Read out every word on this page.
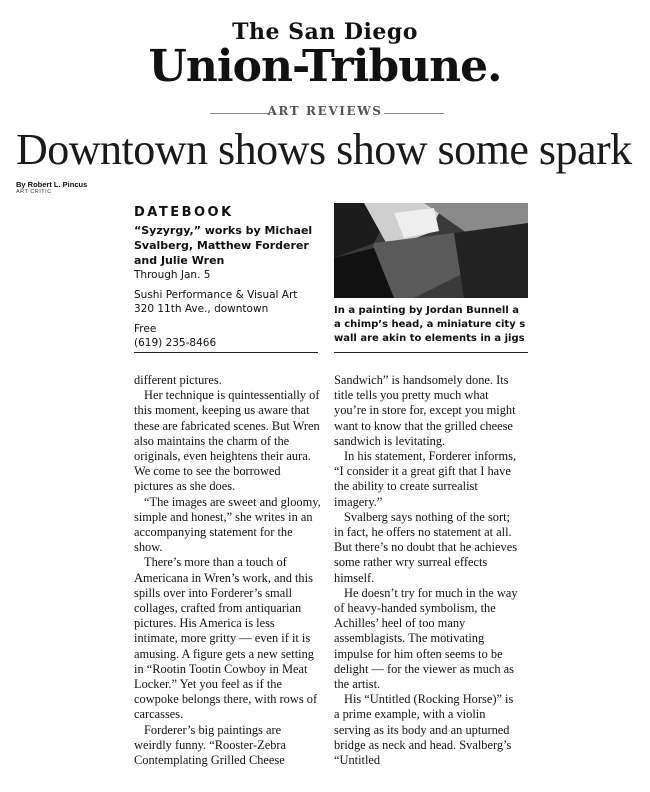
The San Diego
Union-Tribune.
ART REVIEWS
Downtown shows show some spark
By Robert L. Pincus
ART CRITIC
DATEBOOK
“Syzyrgy,” works by Michael
Svalberg, Matthew Forderer
and Julie Wren
Through Jan. 5
Sushi Performance & Visual Art
320 11th Ave., downtown
Free
(619) 235-8466
In a painting by Jordan Bunnell a
a chimp’s head, a miniature city s
wall are akin to elements in a jigs

different pictures.

Her technique is quintessentially of this moment, keeping us aware that these are fabricated scenes. But Wren also maintains the charm of the originals, even heightens their aura. We come to see the borrowed pictures as she does.

“The images are sweet and gloomy, simple and honest,” she writes in an accompanying statement for the show.

There’s more than a touch of Americana in Wren’s work, and this spills over into Forderer’s small collages, crafted from antiquarian pictures. His America is less intimate, more gritty — even if it is amusing. A figure gets a new setting in “Rootin Tootin Cowboy in Meat Locker.” Yet you feel as if the cowpoke belongs there, with rows of carcasses.

Forderer’s big paintings are weirdly funny. “Rooster-Zebra Contemplating Grilled Cheese

Sandwich” is handsomely done. Its title tells you pretty much what you’re in store for, except you might want to know that the grilled cheese sandwich is levitating.

In his statement, Forderer informs, “I consider it a great gift that I have the ability to create surrealist imagery.”

Svalberg says nothing of the sort; in fact, he offers no statement at all. But there’s no doubt that he achieves some rather wry surreal effects himself.

He doesn’t try for much in the way of heavy-handed symbolism, the Achilles’ heel of too many assemblagists. The motivating impulse for him often seems to be delight — for the viewer as much as the artist.

His “Untitled (Rocking Horse)” is a prime example, with a violin serving as its body and an upturned bridge as neck and head. Svalberg’s “Untitled
